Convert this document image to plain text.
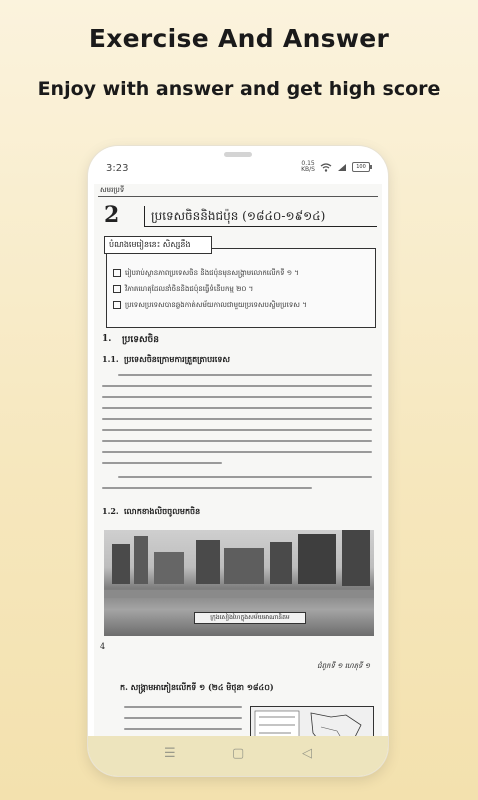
Exercise And Answer
Enjoy with answer and get high score
3:23	0.15
KB/S	100
សមរប្រទី
2	ប្រទេសចិននិងជប៉ុន (១៨៤០-១៩១៤)
រៀបរាប់ស្ថានភាពប្រទេសចិន និងជប៉ុនមុនសង្គ្រាមលោកលើកទី ១ ។
វិភាគហេតុដែលនាំចិននិងជប៉ុនធ្វើទំនើបកម្ម ២០ ។
ប្រទេសប្រទេសបានឆ្លងកាត់សម័យកាលជាមួយប្រទេសបស្ចិមប្រទេស ។
បំណងមេរៀននេះ សិស្សនឹង
1. ប្រទេសចិន
1.1. ប្រទេសចិនក្រោមការត្រួតត្រាបរទេស
1.2. លោកខាងលិចចូលមកចិន
ក្រុងសៀងហៃក្នុងសម័យអាណានិគម
4
ជំពូកទី ១ ហេតុទី ១
ក. សង្គ្រាមអាភៀនលើកទី ១ (២៤ មិថុនា ១៨៤០)
☰	▢	◁
